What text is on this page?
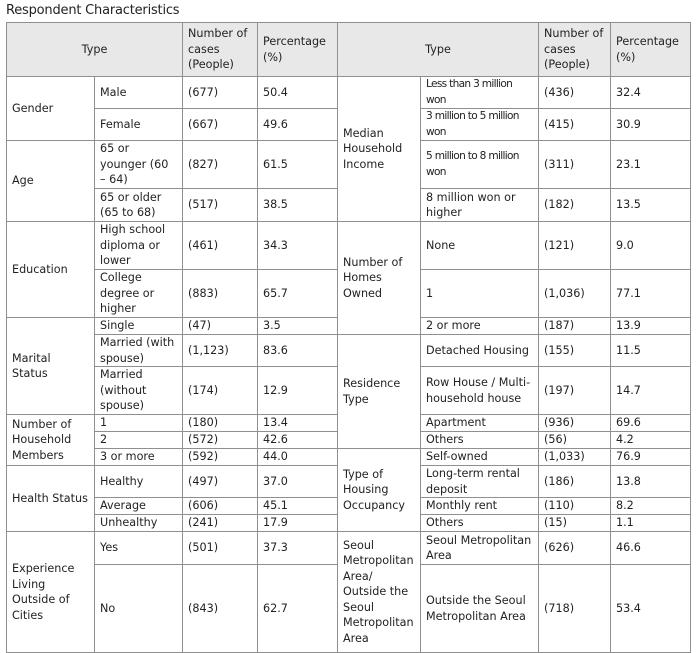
Respondent Characteristics
Type		Number of cases (People)	Percentage (%)	Type		Number of cases (People)	Percentage (%)
Gender	Male	(677)	50.4	Median Household Income	Less than 3 million won	(436)	32.4
	Female	(667)	49.6		3 million to 5 million won	(415)	30.9
Age	65 or younger (60 – 64)	(827)	61.5		5 million to 8 million won	(311)	23.1
	65 or older (65 to 68)	(517)	38.5		8 million won or higher	(182)	13.5
Education	High school diploma or lower	(461)	34.3	Number of Homes Owned	None	(121)	9.0
	College degree or higher	(883)	65.7		1	(1,036)	77.1
Marital Status	Single	(47)	3.5		2 or more	(187)	13.9
	Married (with spouse)	(1,123)	83.6	Residence Type	Detached Housing	(155)	11.5
	Married (without spouse)	(174)	12.9		Row House / Multi-household house	(197)	14.7
Number of Household Members	1	(180)	13.4		Apartment	(936)	69.6
	2	(572)	42.6		Others	(56)	4.2
	3 or more	(592)	44.0	Type of Housing Occupancy	Self-owned	(1,033)	76.9
Health Status	Healthy	(497)	37.0		Long-term rental deposit	(186)	13.8
	Average	(606)	45.1		Monthly rent	(110)	8.2
	Unhealthy	(241)	17.9		Others	(15)	1.1
Experience Living Outside of Cities	Yes	(501)	37.3	Seoul Metropolitan Area/ Outside the Seoul Metropolitan Area	Seoul Metropolitan Area	(626)	46.6
	No	(843)	62.7		Outside the Seoul Metropolitan Area	(718)	53.4
